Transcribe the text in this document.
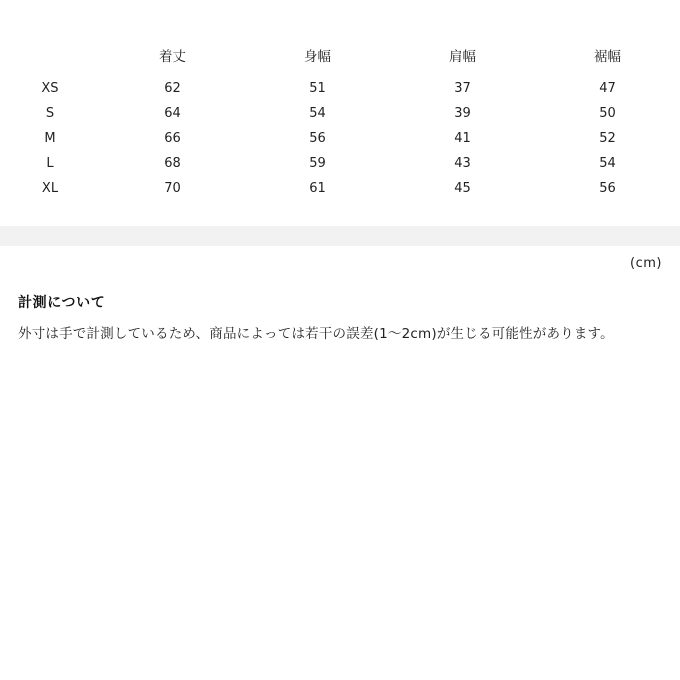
	着丈	身幅	肩幅	裾幅
XS	62	51	37	47
S	64	54	39	50
M	66	56	41	52
L	68	59	43	54
XL	70	61	45	56
(cm)
計測について
外寸は手で計測しているため、商品によっては若干の誤差(1〜2cm)が生じる可能性があります。
